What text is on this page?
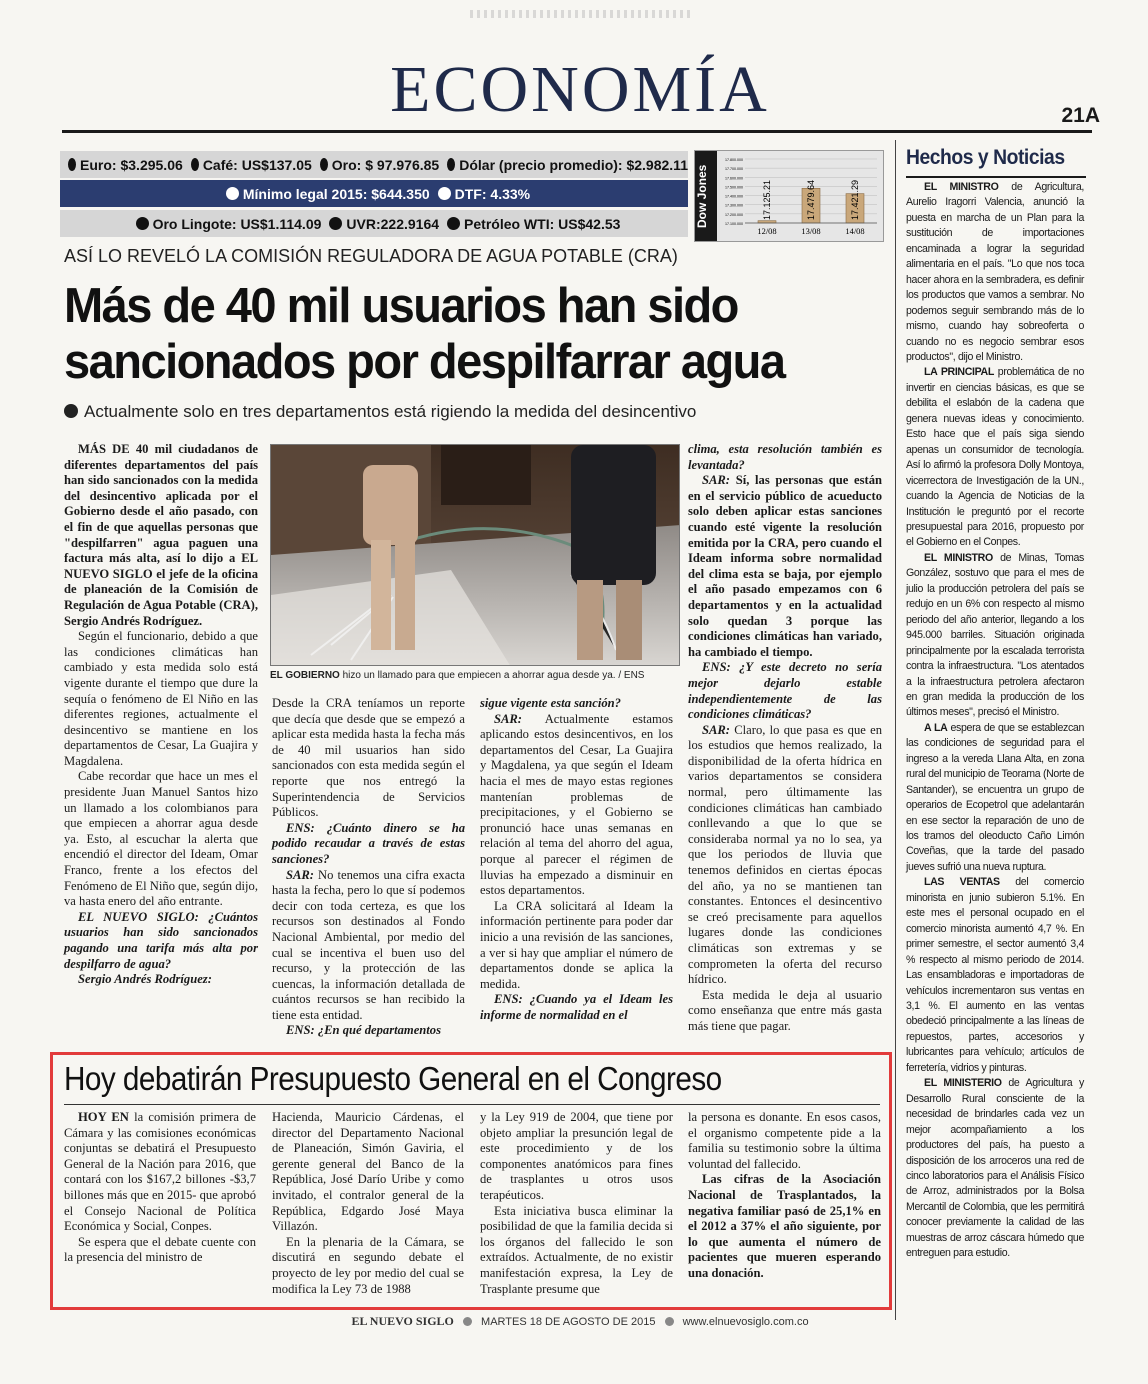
ECONOMÍA	21A
Euro: $3.295.06 Café: US$137.05 Oro: $ 97.976.85 Dólar (precio promedio): $2.982.11
Mínimo legal 2015: $644.350 DTF: 4.33%
Oro Lingote: US$1.114.09 UVR:222.9164 Petróleo WTI: US$42.53	Dow Jones
17.800.000
17.700.000
17.600.000
17.500.000
17.400.000
17.300.000
17.200.000
17.100.000
17.125.21
12/08
17.479.64
13/08
17.421.29
14/08
ASÍ LO REVELÓ LA COMISIÓN REGULADORA DE AGUA POTABLE (CRA)
Más de 40 mil usuarios han sido
sancionados por despilfarrar agua
Actualmente solo en tres departamentos está rigiendo la medida del desincentivo

MÁS DE 40 mil ciudadanos de diferentes departamentos del país han sido sancionados con la medida del desincentivo aplicada por el Gobierno desde el año pasado, con el fin de que aquellas personas que "despilfarren" agua paguen una factura más alta, así lo dijo a EL NUEVO SIGLO el jefe de la oficina de planeación de la Comisión de Regulación de Agua Potable (CRA), Sergio Andrés Rodríguez.

Según el funcionario, debido a que las condiciones climáticas han cambiado y esta medida solo está vigente durante el tiempo que dure la sequía o fenómeno de El Niño en las diferentes regiones, actualmente el desincentivo se mantiene en los departamentos de Cesar, La Guajira y Magdalena.

Cabe recordar que hace un mes el presidente Juan Manuel Santos hizo un llamado a los colombianos para que empiecen a ahorrar agua desde ya. Esto, al escuchar la alerta que encendió el director del Ideam, Omar Franco, frente a los efectos del Fenómeno de El Niño que, según dijo, va hasta enero del año entrante.

EL NUEVO SIGLO: ¿Cuántos usuarios han sido sancionados pagando una tarifa más alta por despilfarro de agua?

Sergio Andrés Rodríguez:

EL GOBIERNO hizo un llamado para que empiecen a ahorrar agua desde ya. / ENS

Desde la CRA teníamos un reporte que decía que desde que se empezó a aplicar esta medida hasta la fecha más de 40 mil usuarios han sido sancionados con esta medida según el reporte que nos entregó la Superintendencia de Servicios Públicos.

ENS: ¿Cuánto dinero se ha podido recaudar a través de estas sanciones?

SAR: No tenemos una cifra exacta hasta la fecha, pero lo que sí podemos decir con toda certeza, es que los recursos son destinados al Fondo Nacional Ambiental, por medio del cual se incentiva el buen uso del recurso, y la protección de las cuencas, la información detallada de cuántos recursos se han recibido la tiene esta entidad.

ENS: ¿En qué departamentos

sigue vigente esta sanción?

SAR: Actualmente estamos aplicando estos desincentivos, en los departamentos del Cesar, La Guajira y Magdalena, ya que según el Ideam hacia el mes de mayo estas regiones mantenían problemas de precipitaciones, y el Gobierno se pronunció hace unas semanas en relación al tema del ahorro del agua, porque al parecer el régimen de lluvias ha empezado a disminuir en estos departamentos.

La CRA solicitará al Ideam la información pertinente para poder dar inicio a una revisión de las sanciones, a ver si hay que ampliar el número de departamentos donde se aplica la medida.

ENS: ¿Cuando ya el Ideam les informe de normalidad en el

clima, esta resolución también es levantada?

SAR: Sí, las personas que están en el servicio público de acueducto solo deben aplicar estas sanciones cuando esté vigente la resolución emitida por la CRA, pero cuando el Ideam informa sobre normalidad del clima esta se baja, por ejemplo el año pasado empezamos con 6 departamentos y en la actualidad solo quedan 3 porque las condiciones climáticas han variado, ha cambiado el tiempo.

ENS: ¿Y este decreto no sería mejor dejarlo estable independientemente de las condiciones climáticas?

SAR: Claro, lo que pasa es que en los estudios que hemos realizado, la disponibilidad de la oferta hídrica en varios departamentos se considera normal, pero últimamente las condiciones climáticas han cambiado conllevando a que lo que se consideraba normal ya no lo sea, ya que los periodos de lluvia que tenemos definidos en ciertas épocas del año, ya no se mantienen tan constantes. Entonces el desincentivo se creó precisamente para aquellos lugares donde las condiciones climáticas son extremas y se comprometen la oferta del recurso hídrico.

Esta medida le deja al usuario como enseñanza que entre más gasta más tiene que pagar.

Hoy debatirán Presupuesto General en el Congreso

HOY EN la comisión primera de Cámara y las comisiones económicas conjuntas se debatirá el Presupuesto General de la Nación para 2016, que contará con los $167,2 billones -$3,7 billones más que en 2015- que aprobó el Consejo Nacional de Política Económica y Social, Conpes.

Se espera que el debate cuente con la presencia del ministro de

Hacienda, Mauricio Cárdenas, el director del Departamento Nacional de Planeación, Simón Gaviria, el gerente general del Banco de la República, José Darío Uribe y como invitado, el contralor general de la República, Edgardo José Maya Villazón.

En la plenaria de la Cámara, se discutirá en segundo debate el proyecto de ley por medio del cual se modifica la Ley 73 de 1988

y la Ley 919 de 2004, que tiene por objeto ampliar la presunción legal de este procedimiento y de los componentes anatómicos para fines de trasplantes u otros usos terapéuticos.

Esta iniciativa busca eliminar la posibilidad de que la familia decida si los órganos del fallecido le son extraídos. Actualmente, de no existir manifestación expresa, la Ley de Trasplante presume que

la persona es donante. En esos casos, el organismo competente pide a la familia su testimonio sobre la última voluntad del fallecido.

Las cifras de la Asociación Nacional de Trasplantados, la negativa familiar pasó de 25,1% en el 2012 a 37% el año siguiente, por lo que aumenta el número de pacientes que mueren esperando una donación.

Hechos y Noticias

EL MINISTRO de Agricultura, Aurelio Iragorri Valencia, anunció la puesta en marcha de un Plan para la sustitución de importaciones encaminada a lograr la seguridad alimentaria en el país. "Lo que nos toca hacer ahora en la sembradera, es definir los productos que vamos a sembrar. No podemos seguir sembrando más de lo mismo, cuando hay sobreoferta o cuando no es negocio sembrar esos productos", dijo el Ministro.

LA PRINCIPAL problemática de no invertir en ciencias básicas, es que se debilita el eslabón de la cadena que genera nuevas ideas y conocimiento. Esto hace que el país siga siendo apenas un consumidor de tecnología. Así lo afirmó la profesora Dolly Montoya, vicerrectora de Investigación de la UN., cuando la Agencia de Noticias de la Institución le preguntó por el recorte presupuestal para 2016, propuesto por el Gobierno en el Conpes.

EL MINISTRO de Minas, Tomas González, sostuvo que para el mes de julio la producción petrolera del país se redujo en un 6% con respecto al mismo periodo del año anterior, llegando a los 945.000 barriles. Situación originada principalmente por la escalada terrorista contra la infraestructura. "Los atentados a la infraestructura petrolera afectaron en gran medida la producción de los últimos meses", precisó el Ministro.

A LA espera de que se establezcan las condiciones de seguridad para el ingreso a la vereda Llana Alta, en zona rural del municipio de Teorama (Norte de Santander), se encuentra un grupo de operarios de Ecopetrol que adelantarán en ese sector la reparación de uno de los tramos del oleoducto Caño Limón Coveñas, que la tarde del pasado jueves sufrió una nueva ruptura.

LAS VENTAS del comercio minorista en junio subieron 5.1%. En este mes el personal ocupado en el comercio minorista aumentó 4,7 %. En primer semestre, el sector aumentó 3,4 % respecto al mismo periodo de 2014. Las ensambladoras e importadoras de vehículos incrementaron sus ventas en 3,1 %. El aumento en las ventas obedeció principalmente a las líneas de repuestos, partes, accesorios y lubricantes para vehículo; artículos de ferretería, vidrios y pinturas.

EL MINISTERIO de Agricultura y Desarrollo Rural consciente de la necesidad de brindarles cada vez un mejor acompañamiento a los productores del país, ha puesto a disposición de los arroceros una red de cinco laboratorios para el Análisis Físico de Arroz, administrados por la Bolsa Mercantil de Colombia, que les permitirá conocer previamente la calidad de las muestras de arroz cáscara húmedo que entreguen para estudio.

EL NUEVO SIGLO MARTES 18 DE AGOSTO DE 2015 www.elnuevosiglo.com.co
